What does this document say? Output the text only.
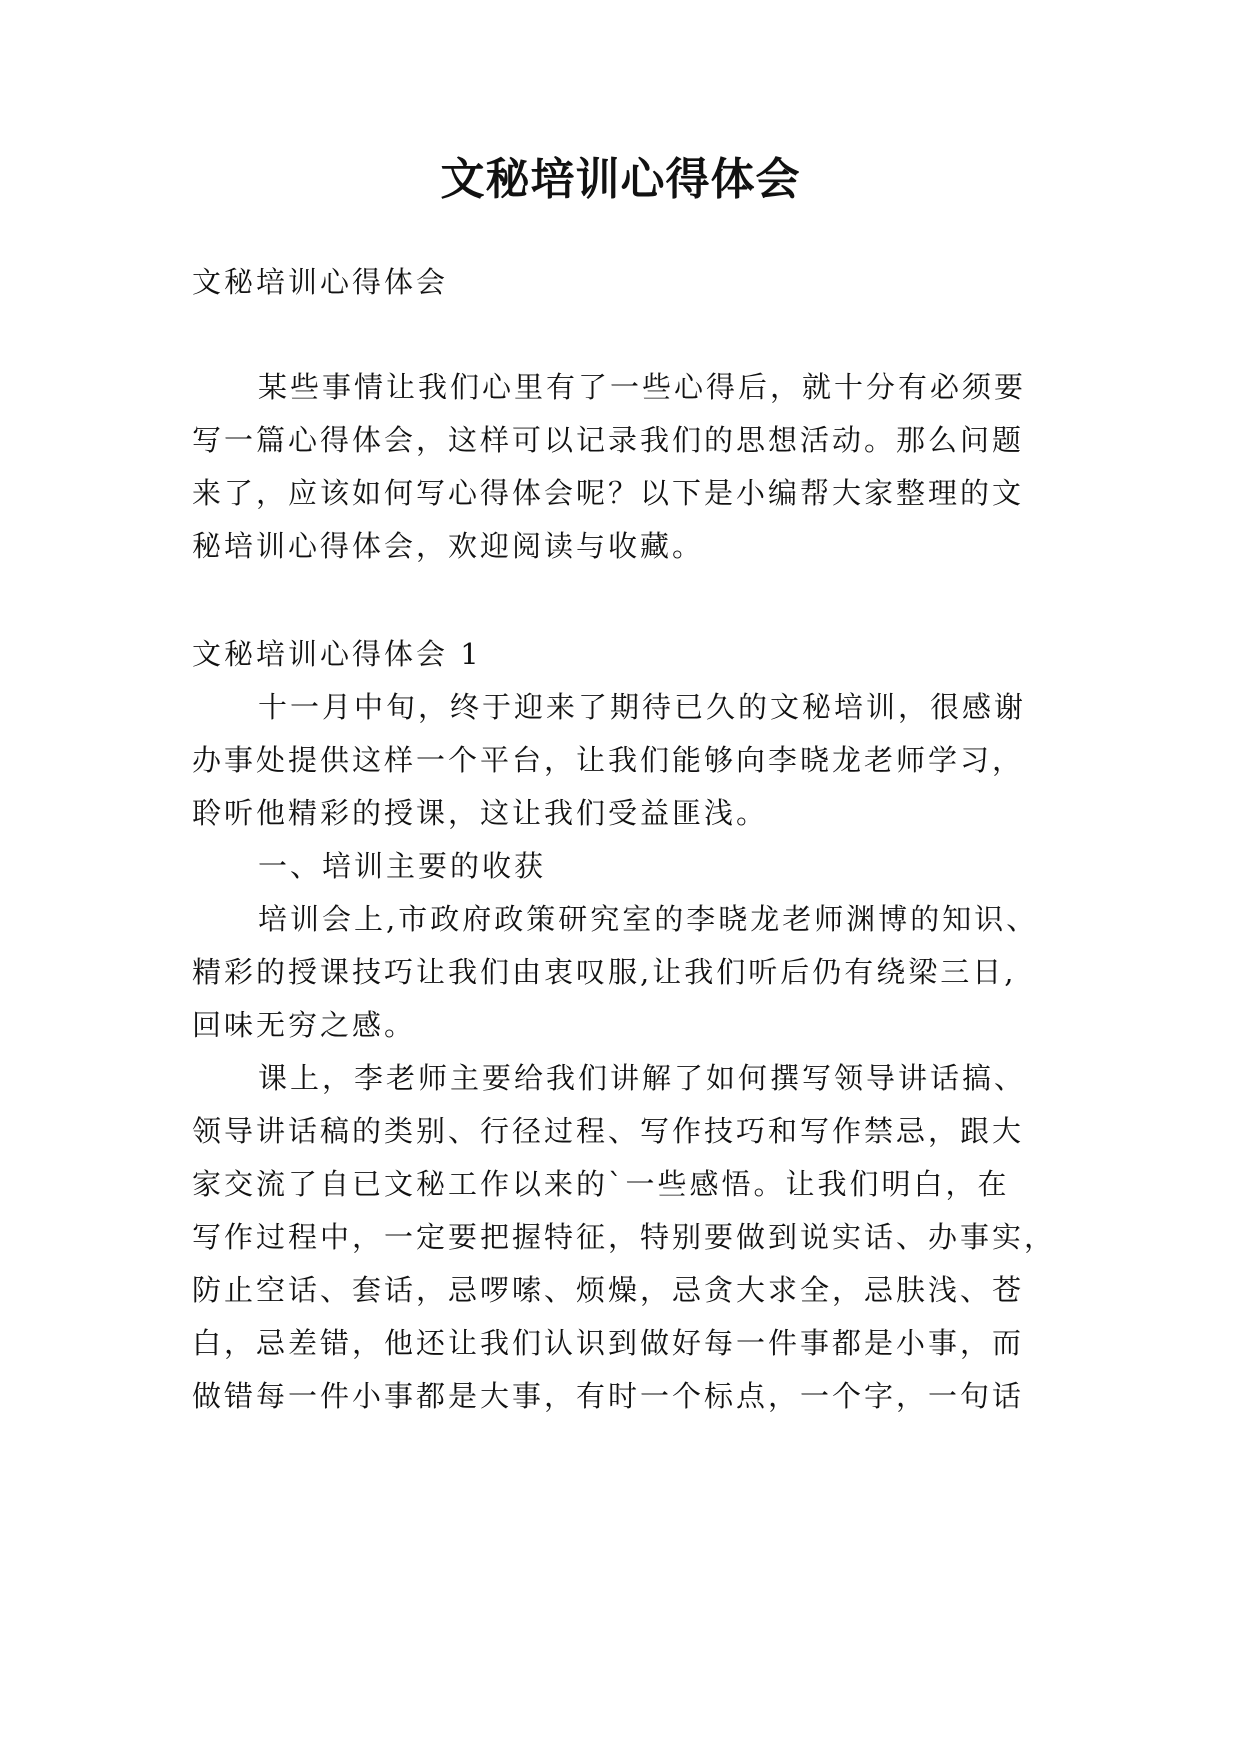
文秘培训心得体会

文秘培训心得体会

某些事情让我们心里有了一些心得后，就十分有必须要

写一篇心得体会，这样可以记录我们的思想活动。那么问题

来了，应该如何写心得体会呢？以下是小编帮大家整理的文

秘培训心得体会，欢迎阅读与收藏。

文秘培训心得体会 1

十一月中旬，终于迎来了期待已久的文秘培训，很感谢

办事处提供这样一个平台，让我们能够向李晓龙老师学习，

聆听他精彩的授课，这让我们受益匪浅。

一、培训主要的收获

培训会上,市政府政策研究室的李晓龙老师渊博的知识、

精彩的授课技巧让我们由衷叹服,让我们听后仍有绕梁三日,

回味无穷之感。

课上，李老师主要给我们讲解了如何撰写领导讲话搞、

领导讲话稿的类别、行径过程、写作技巧和写作禁忌，跟大

家交流了自已文秘工作以来的`一些感悟。让我们明白，在

写作过程中，一定要把握特征，特别要做到说实话、办事实，

防止空话、套话，忌啰嗦、烦燥，忌贪大求全，忌肤浅、苍

白，忌差错，他还让我们认识到做好每一件事都是小事，而

做错每一件小事都是大事，有时一个标点，一个字，一句话
